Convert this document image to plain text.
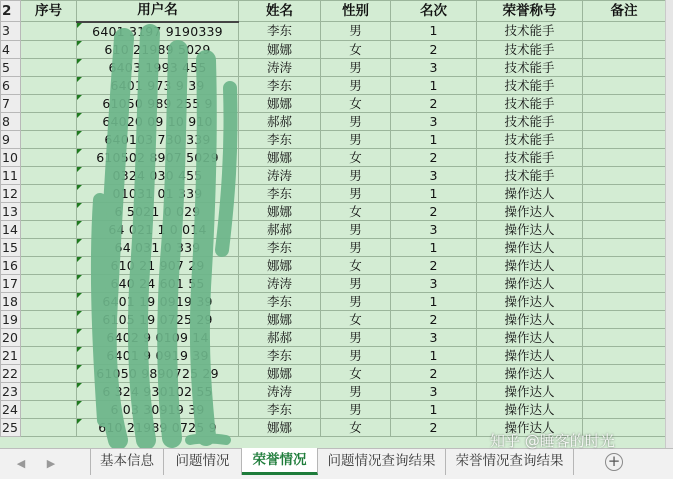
2	序号	用户名	姓名	性别	名次	荣誉称号	备注
3		6401 3197 9190339	李东	男	1	技术能手	
4		610 21989 5029	娜娜	女	2	技术能手	
5		6403 1993 455	涛涛	男	3	技术能手	
6		6401 973 9 39	李东	男	1	技术能手	
7		61050 989 255 9	娜娜	女	2	技术能手	
8		64020 09 10 910	郝郝	男	3	技术能手	
9		640103 730 339	李东	男	1	技术能手	
10		610502 8907 5029	娜娜	女	2	技术能手	
11		0324 030 455	涛涛	男	3	技术能手	
12		01031 01 339	李东	男	1	操作达人	
13		6 5021 0 029	娜娜	女	2	操作达人	
14		64 021 1 0 014	郝郝	男	3	操作达人	
15		64 031 0 339	李东	男	1	操作达人	
16		610 21 907 29	娜娜	女	2	操作达人	
17		640 24 601 55	涛涛	男	3	操作达人	
18		6401 19 0919 39	李东	男	1	操作达人	
19		6105 19 0725 29	娜娜	女	2	操作达人	
20		6402 9 0109 14	郝郝	男	3	操作达人	
21		6401 9 0919 39	李东	男	1	操作达人	
22		61050 9890725 29	娜娜	女	2	操作达人	
23		6 324 930102 55	涛涛	男	3	操作达人	
24		6 03 30919 39	李东	男	1	操作达人	
25		610 21989 0725 9	娜娜	女	2	操作达人	
◀ ▶	基本信息	问题情况	荣誉情况	问题情况查询结果	荣誉情况查询结果	+
知乎 @睡客的时光
